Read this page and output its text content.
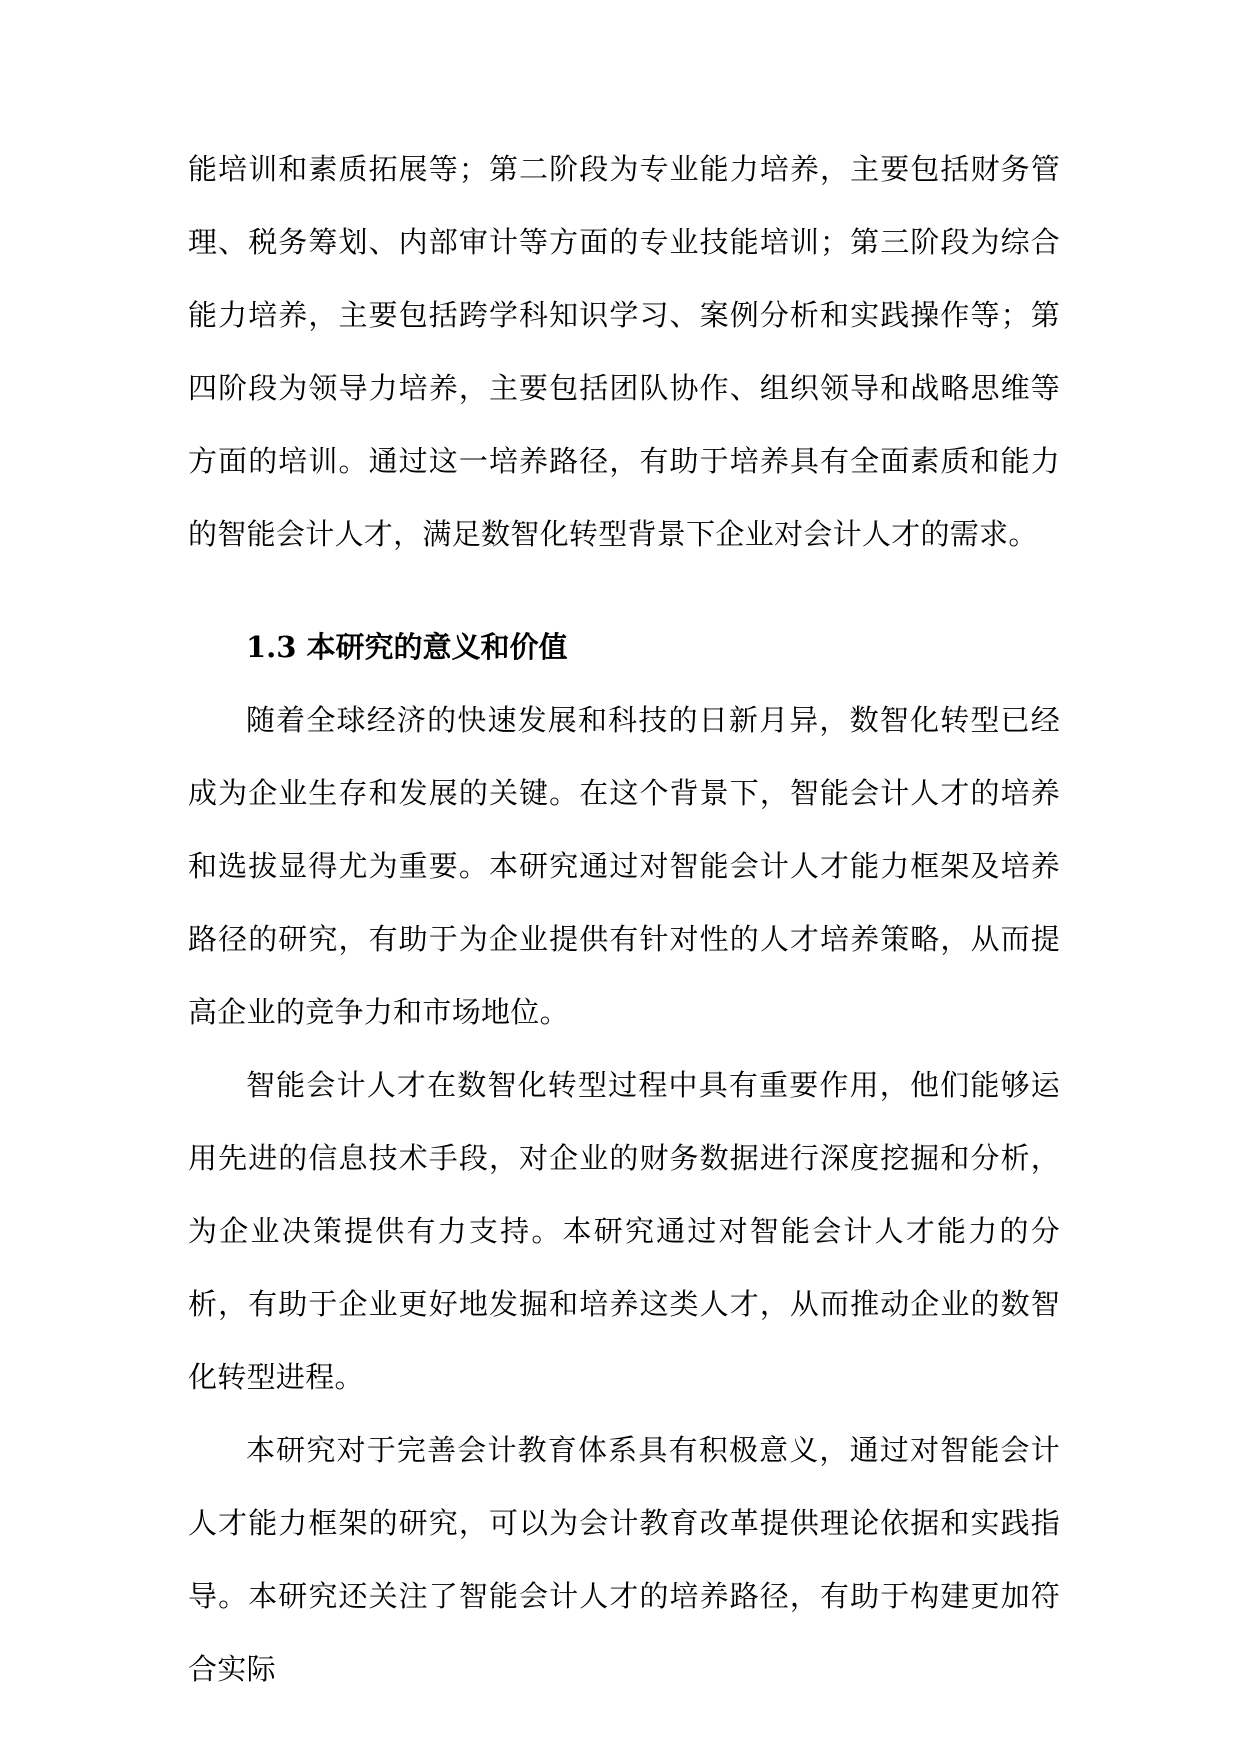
能培训和素质拓展等；第二阶段为专业能力培养，主要包括财务管理、税务筹划、内部审计等方面的专业技能培训；第三阶段为综合能力培养，主要包括跨学科知识学习、案例分析和实践操作等；第四阶段为领导力培养，主要包括团队协作、组织领导和战略思维等方面的培训。通过这一培养路径，有助于培养具有全面素质和能力的智能会计人才，满足数智化转型背景下企业对会计人才的需求。

1.3 本研究的意义和价值

随着全球经济的快速发展和科技的日新月异，数智化转型已经成为企业生存和发展的关键。在这个背景下，智能会计人才的培养和选拔显得尤为重要。本研究通过对智能会计人才能力框架及培养路径的研究，有助于为企业提供有针对性的人才培养策略，从而提高企业的竞争力和市场地位。

智能会计人才在数智化转型过程中具有重要作用，他们能够运用先进的信息技术手段，对企业的财务数据进行深度挖掘和分析，为企业决策提供有力支持。本研究通过对智能会计人才能力的分析，有助于企业更好地发掘和培养这类人才，从而推动企业的数智化转型进程。

本研究对于完善会计教育体系具有积极意义，通过对智能会计人才能力框架的研究，可以为会计教育改革提供理论依据和实践指导。本研究还关注了智能会计人才的培养路径，有助于构建更加符合实际
